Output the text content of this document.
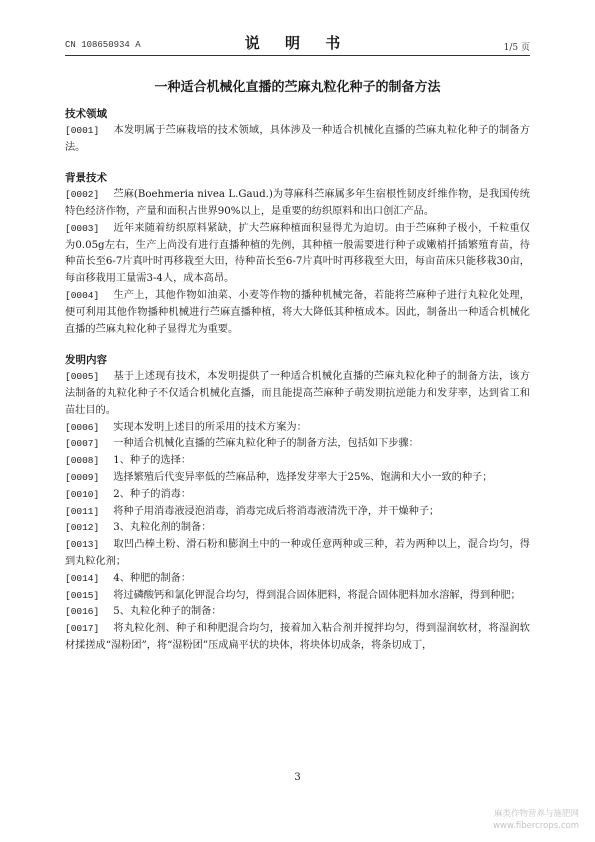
CN 108650934 A	说 明 书	1/5 页
一种适合机械化直播的苎麻丸粒化种子的制备方法
技术领域
[0001] 本发明属于苎麻栽培的技术领域，具体涉及一种适合机械化直播的苎麻丸粒化种子的制备方法。
背景技术
[0002] 苎麻(Boehmeria nivea L.Gaud.)为荨麻科苎麻属多年生宿根性韧皮纤维作物，是我国传统特色经济作物，产量和面积占世界90%以上，是重要的纺织原料和出口创汇产品。
[0003] 近年来随着纺织原料紧缺，扩大苎麻种植面积显得尤为迫切。由于苎麻种子极小，千粒重仅为0.05g左右，生产上尚没有进行直播种植的先例，其种植一般需要进行种子或嫩梢扦插繁殖育苗，待种苗长至6-7片真叶时再移栽至大田，待种苗长至6-7片真叶时再移栽至大田，每亩苗床只能移栽30亩，每亩移栽用工量需3-4人，成本高昂。
[0004] 生产上，其他作物如油菜、小麦等作物的播种机械完备，若能将苎麻种子进行丸粒化处理，便可利用其他作物播种机械进行苎麻直播种植，将大大降低其种植成本。因此，制备出一种适合机械化直播的苎麻丸粒化种子显得尤为重要。
发明内容
[0005] 基于上述现有技术，本发明提供了一种适合机械化直播的苎麻丸粒化种子的制备方法，该方法制备的丸粒化种子不仅适合机械化直播，而且能提高苎麻种子萌发期抗逆能力和发芽率，达到省工和苗壮目的。
[0006] 实现本发明上述目的所采用的技术方案为：
[0007] 一种适合机械化直播的苎麻丸粒化种子的制备方法，包括如下步骤：
[0008] 1、种子的选择：
[0009] 选择繁殖后代变异率低的苎麻品种，选择发芽率大于25%、饱满和大小一致的种子；
[0010] 2、种子的消毒：
[0011] 将种子用消毒液浸泡消毒，消毒完成后将消毒液清洗干净，并干燥种子；
[0012] 3、丸粒化剂的制备：
[0013] 取凹凸棒土粉、滑石粉和膨润土中的一种或任意两种或三种，若为两种以上，混合均匀，得到丸粒化剂；
[0014] 4、种肥的制备：
[0015] 将过磷酸钙和氯化钾混合均匀，得到混合固体肥料，将混合固体肥料加水溶解，得到种肥；
[0016] 5、丸粒化种子的制备：
[0017] 将丸粒化剂、种子和种肥混合均匀，接着加入粘合剂并搅拌均匀，得到湿润软材，将湿润软材揉搓成“湿粉团”，将“湿粉团”压成扁平状的块体，将块体切成条，将条切成丁，
3
麻类作物营养与施肥网
www.fibercrops.com
